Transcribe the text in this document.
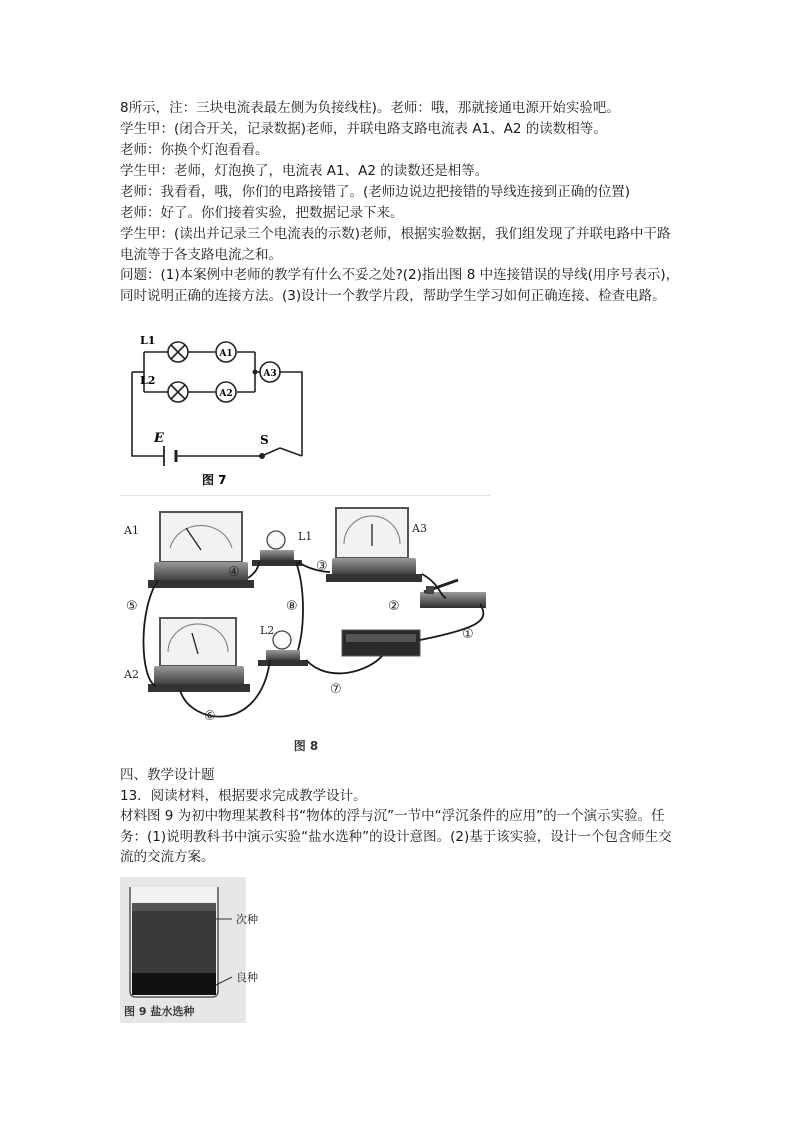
8所示，注：三块电流表最左侧为负接线柱)。老师：哦，那就接通电源开始实验吧。

学生甲：(闭合开关，记录数据)老师，并联电路支路电流表 A1、A2 的读数相等。

老师：你换个灯泡看看。

学生甲：老师，灯泡换了，电流表 A1、A2 的读数还是相等。

老师：我看看，哦，你们的电路接错了。(老师边说边把接错的导线连接到正确的位置)

老师：好了。你们接着实验，把数据记录下来。

学生甲：(读出并记录三个电流表的示数)老师，根据实验数据，我们组发现了并联电路中干路电流等于各支路电流之和。

问题：(1)本案例中老师的教学有什么不妥之处?(2)指出图 8 中连接错误的导线(用序号表示)，同时说明正确的连接方法。(3)设计一个教学片段，帮助学生学习如何正确连接、检查电路。

L1
L2
A1
A2
A3
E	S
图 7
④	③
②
①
⑤
⑥
⑦
⑧
A1	A3
A2
L1
L2
图 8

四、教学设计题

13．阅读材料，根据要求完成教学设计。

材料图 9 为初中物理某教科书“物体的浮与沉”一节中“浮沉条件的应用”的一个演示实验。任务：(1)说明教科书中演示实验“盐水选种”的设计意图。(2)基于该实验，设计一个包含师生交流的交流方案。

次种
良种
图 9 盐水选种
